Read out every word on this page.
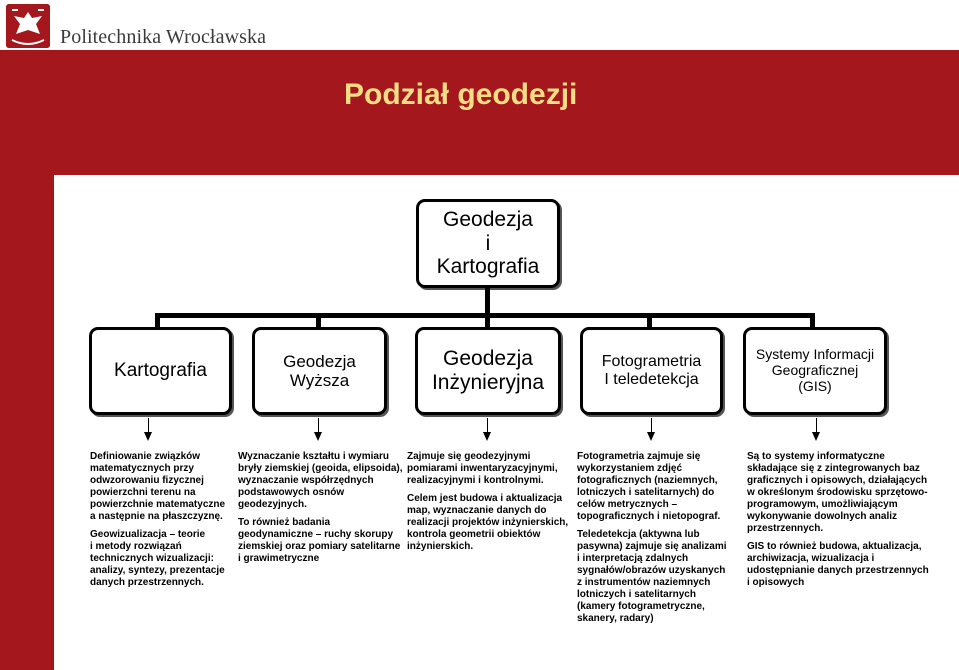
Politechnika Wrocławska
Podział geodezji
Geodezja
i
Kartografia
Kartografia	Geodezja
Wyższa
Geodezja
Inżynieryjna
Fotogrametria
I teledetekcja
Systemy Informacji
Geograficznej
(GIS)

Definiowanie związków
matematycznych przy
odwzorowaniu fizycznej
powierzchni terenu na
powierzchnie matematyczne
a następnie na płaszczyznę.

Geowizualizacja – teorie
i metody rozwiązań
technicznych wizualizacji:
analizy, syntezy, prezentacje
danych przestrzennych.

Wyznaczanie kształtu i wymiaru
bryły ziemskiej (geoida, elipsoida),
wyznaczanie współrzędnych
podstawowych osnów
geodezyjnych.

To również badania
geodynamiczne – ruchy skorupy
ziemskiej oraz pomiary satelitarne
i grawimetryczne

Zajmuje się geodezyjnymi
pomiarami inwentaryzacyjnymi,
realizacyjnymi i kontrolnymi.

Celem jest budowa i aktualizacja
map, wyznaczanie danych do
realizacji projektów inżynierskich,
kontrola geometrii obiektów
inżynierskich.

Fotogrametria zajmuje się
wykorzystaniem zdjęć
fotograficznych (naziemnych,
lotniczych i satelitarnych) do
celów metrycznych –
topograficznych i nietopograf.

Teledetekcja (aktywna lub
pasywna) zajmuje się analizami
i interpretacją zdalnych
sygnałów/obrazów uzyskanych
z instrumentów naziemnych
lotniczych i satelitarnych
(kamery fotogrametryczne,
skanery, radary)

Są to systemy informatyczne
składające się z zintegrowanych baz
graficznych i opisowych, działających
w określonym środowisku sprzętowo-
programowym, umożliwiającym
wykonywanie dowolnych analiz
przestrzennych.

GIS to również budowa, aktualizacja,
archiwizacja, wizualizacja i
udostępnianie danych przestrzennych
i opisowych
